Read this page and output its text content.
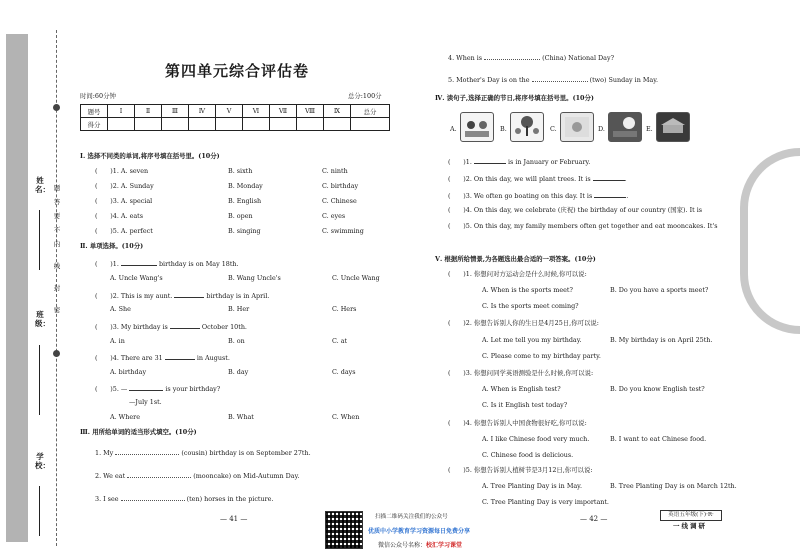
姓名：
班级：
学校：
题
答
要
不
内
线
封
密
第四单元综合评估卷
时间:60分钟	总分:100分
题号	Ⅰ	Ⅱ	Ⅲ	Ⅳ	Ⅴ	Ⅵ	Ⅶ	Ⅷ	Ⅸ	总分
得分										
Ⅰ. 选择不同类的单词,将序号填在括号里。(10分)
(　　)1. A. seven	B. sixth	C. ninth
(　　)2. A. Sunday	B. Monday	C. birthday
(　　)3. A. special	B. English	C. Chinese
(　　)4. A. eats	B. open	C. eyes
(　　)5. A. perfect	B. singing	C. swimming
Ⅱ. 单项选择。(10分)
(　　)1.	birthday is on May 18th.
A. Uncle Wang's	B. Wang Uncle's	C. Uncle Wang
(　　)2. This is my aunt.	birthday is in April.
A. She	B. Her	C. Hers
(　　)3. My birthday is	October 10th.
A. in	B. on	C. at
(　　)4. There are 31	in August.
A. birthday	B. day	C. days
(　　)5. —	is your birthday?
—July 1st.
A. Where	B. What	C. When
Ⅲ. 用所给单词的适当形式填空。(10分)
1. My	(cousin) birthday is on September 27th.
2. We eat	(mooncake) on Mid-Autumn Day.
3. I see	(ten) horses in the picture.
— 41 —	扫描二维码关注我们的公众号
优质中小学教育学习资源每日免费分享
微信公众号名称：校汇学习课堂
4. When is	(China) National Day?
5. Mother's Day is on the	(two) Sunday in May.
Ⅳ. 读句子,选择正确的节日,将序号填在括号里。(10分)
A.	B.	C.	D.	E.
(　　)1.	is in January or February.
(　　)2. On this day, we will plant trees. It is	.
(　　)3. We often go boating on this day. It is	.
(　　)4. On this day, we celebrate (庆祝) the birthday of our country (国家). It is
(　　)5. On this day, my family members often get together and eat mooncakes. It's
Ⅴ. 根据所给情景,为各题选出最合适的一项答案。(10分)
(　　)1. 你想问对方运动会是什么时候,你可以说:
A. When is the sports meet?	B. Do you have a sports meet?
C. Is the sports meet coming?
(　　)2. 你想告诉别人你的生日是4月25日,你可以说:
A. Let me tell you my birthday.	B. My birthday is on April 25th.
C. Please come to my birthday party.
(　　)3. 你想问同学英语测验是什么时候,你可以说:
A. When is English test?	B. Do you know English test?
C. Is it English test today?
(　　)4. 你想告诉别人中国食物很好吃,你可以说:
A. I like Chinese food very much.	B. I want to eat Chinese food.
C. Chinese food is delicious.
(　　)5. 你想告诉别人植树节是3月12日,你可以说:
A. Tree Planting Day is in May.	B. Tree Planting Day is on March 12th.
C. Tree Planting Day is very important.
— 42 —	英语五年级(下)·R·
一线调研
